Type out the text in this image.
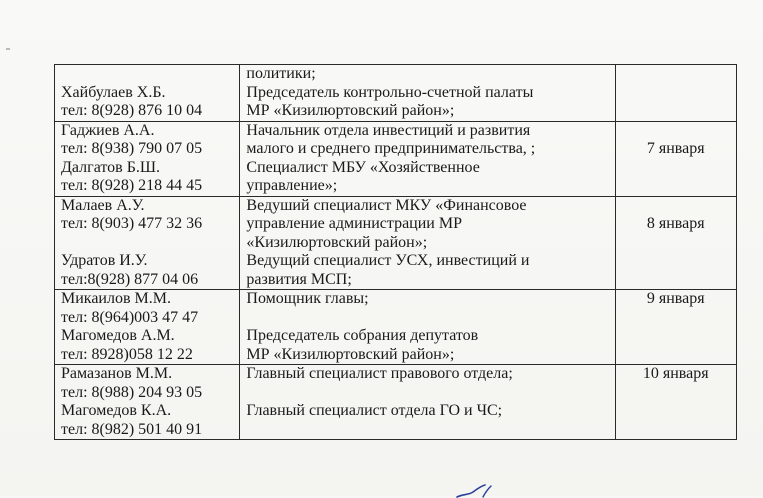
Хайбулаев Х.Б.
тел: 8(928) 876 10 04	политики;
Председатель контрольно-счетной палаты
МР «Кизилюртовский район»;	

Гаджиев А.А.
тел: 8(938) 790 07 05
Далгатов Б.Ш.
тел: 8(928) 218 44 45	Начальник отдела инвестиций и развития
малого и среднего предпринимательства, ;
Специалист МБУ «Хозяйственное
управление»;	7 января

Малаев А.У.
тел: 8(903) 477 32 36
Удратов И.У.
тел:8(928) 877 04 06	Ведуший специалист МКУ «Финансовое
управление администрации МР
«Кизилюртовский район»;
Ведущий специалист УСХ, инвестиций и
развития МСП;	8 января

Микаилов М.М.
тел: 8(964)003 47 47
Магомедов А.М.
тел: 8928)058 12 22	Помощник главы;
Председатель собрания депутатов
МР «Кизилюртовский район»;	9 января

Рамазанов М.М.
тел: 8(988) 204 93 05
Магомедов К.А.
тел: 8(982) 501 40 91	Главный специалист правового отдела;
Главный специалист отдела ГО и ЧС;	10 января
